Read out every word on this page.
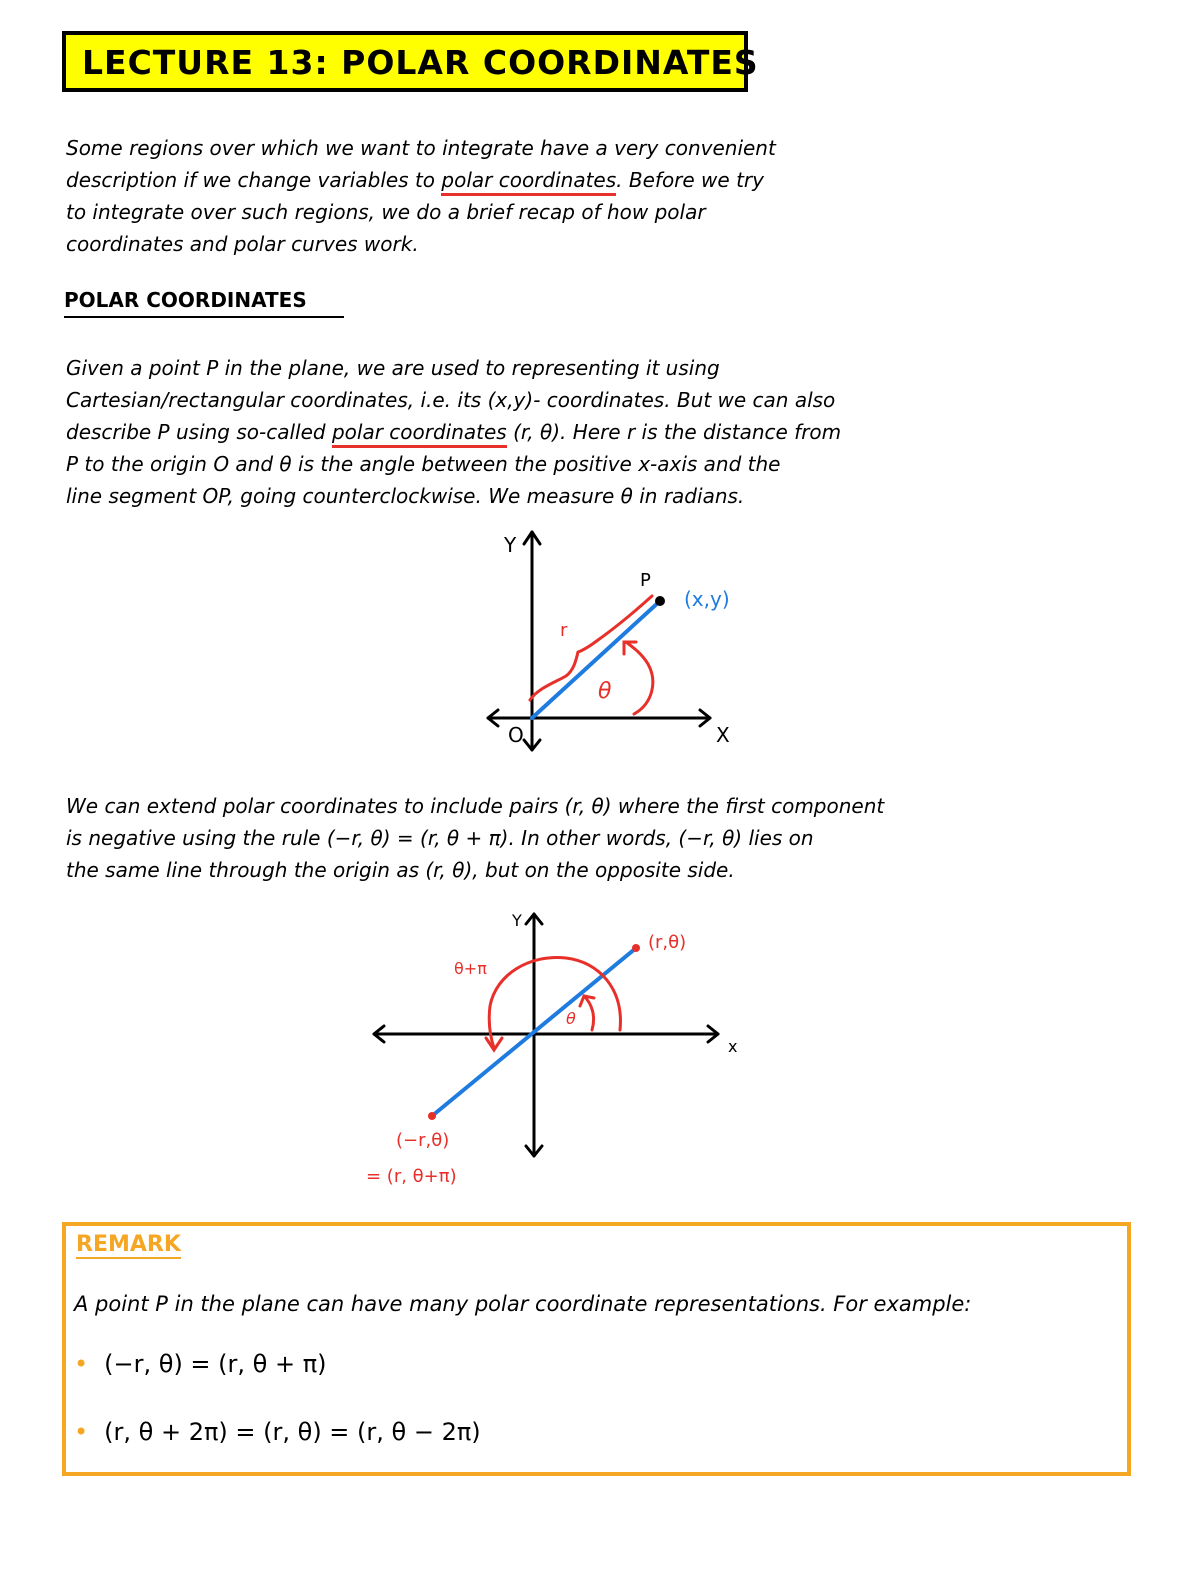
LECTURE 13: POLAR COORDINATES

Some regions over which we want to integrate have a very convenient

description if we change variables to polar coordinates. Before we try

to integrate over such regions, we do a brief recap of how polar

coordinates and polar curves work.

POLAR COORDINATES

Given a point P in the plane, we are used to representing it using

Cartesian/rectangular coordinates, i.e. its (x,y)- coordinates. But we can also

describe P using so-called polar coordinates (r, θ). Here r is the distance from

P to the origin O and θ is the angle between the positive x-axis and the

line segment OP, going counterclockwise. We measure θ in radians.

Y
X
O
P
(x,y)
r
θ

We can extend polar coordinates to include pairs (r, θ) where the first component

is negative using the rule (−r, θ) = (r, θ + π). In other words, (−r, θ) lies on

the same line through the origin as (r, θ), but on the opposite side.

Y
x
(r,θ)
θ+π
θ
(−r,θ)
= (r, θ+π)
REMARK
A point P in the plane can have many polar coordinate representations. For example:
• (−r, θ) = (r, θ + π)
• (r, θ + 2π) = (r, θ) = (r, θ − 2π)
